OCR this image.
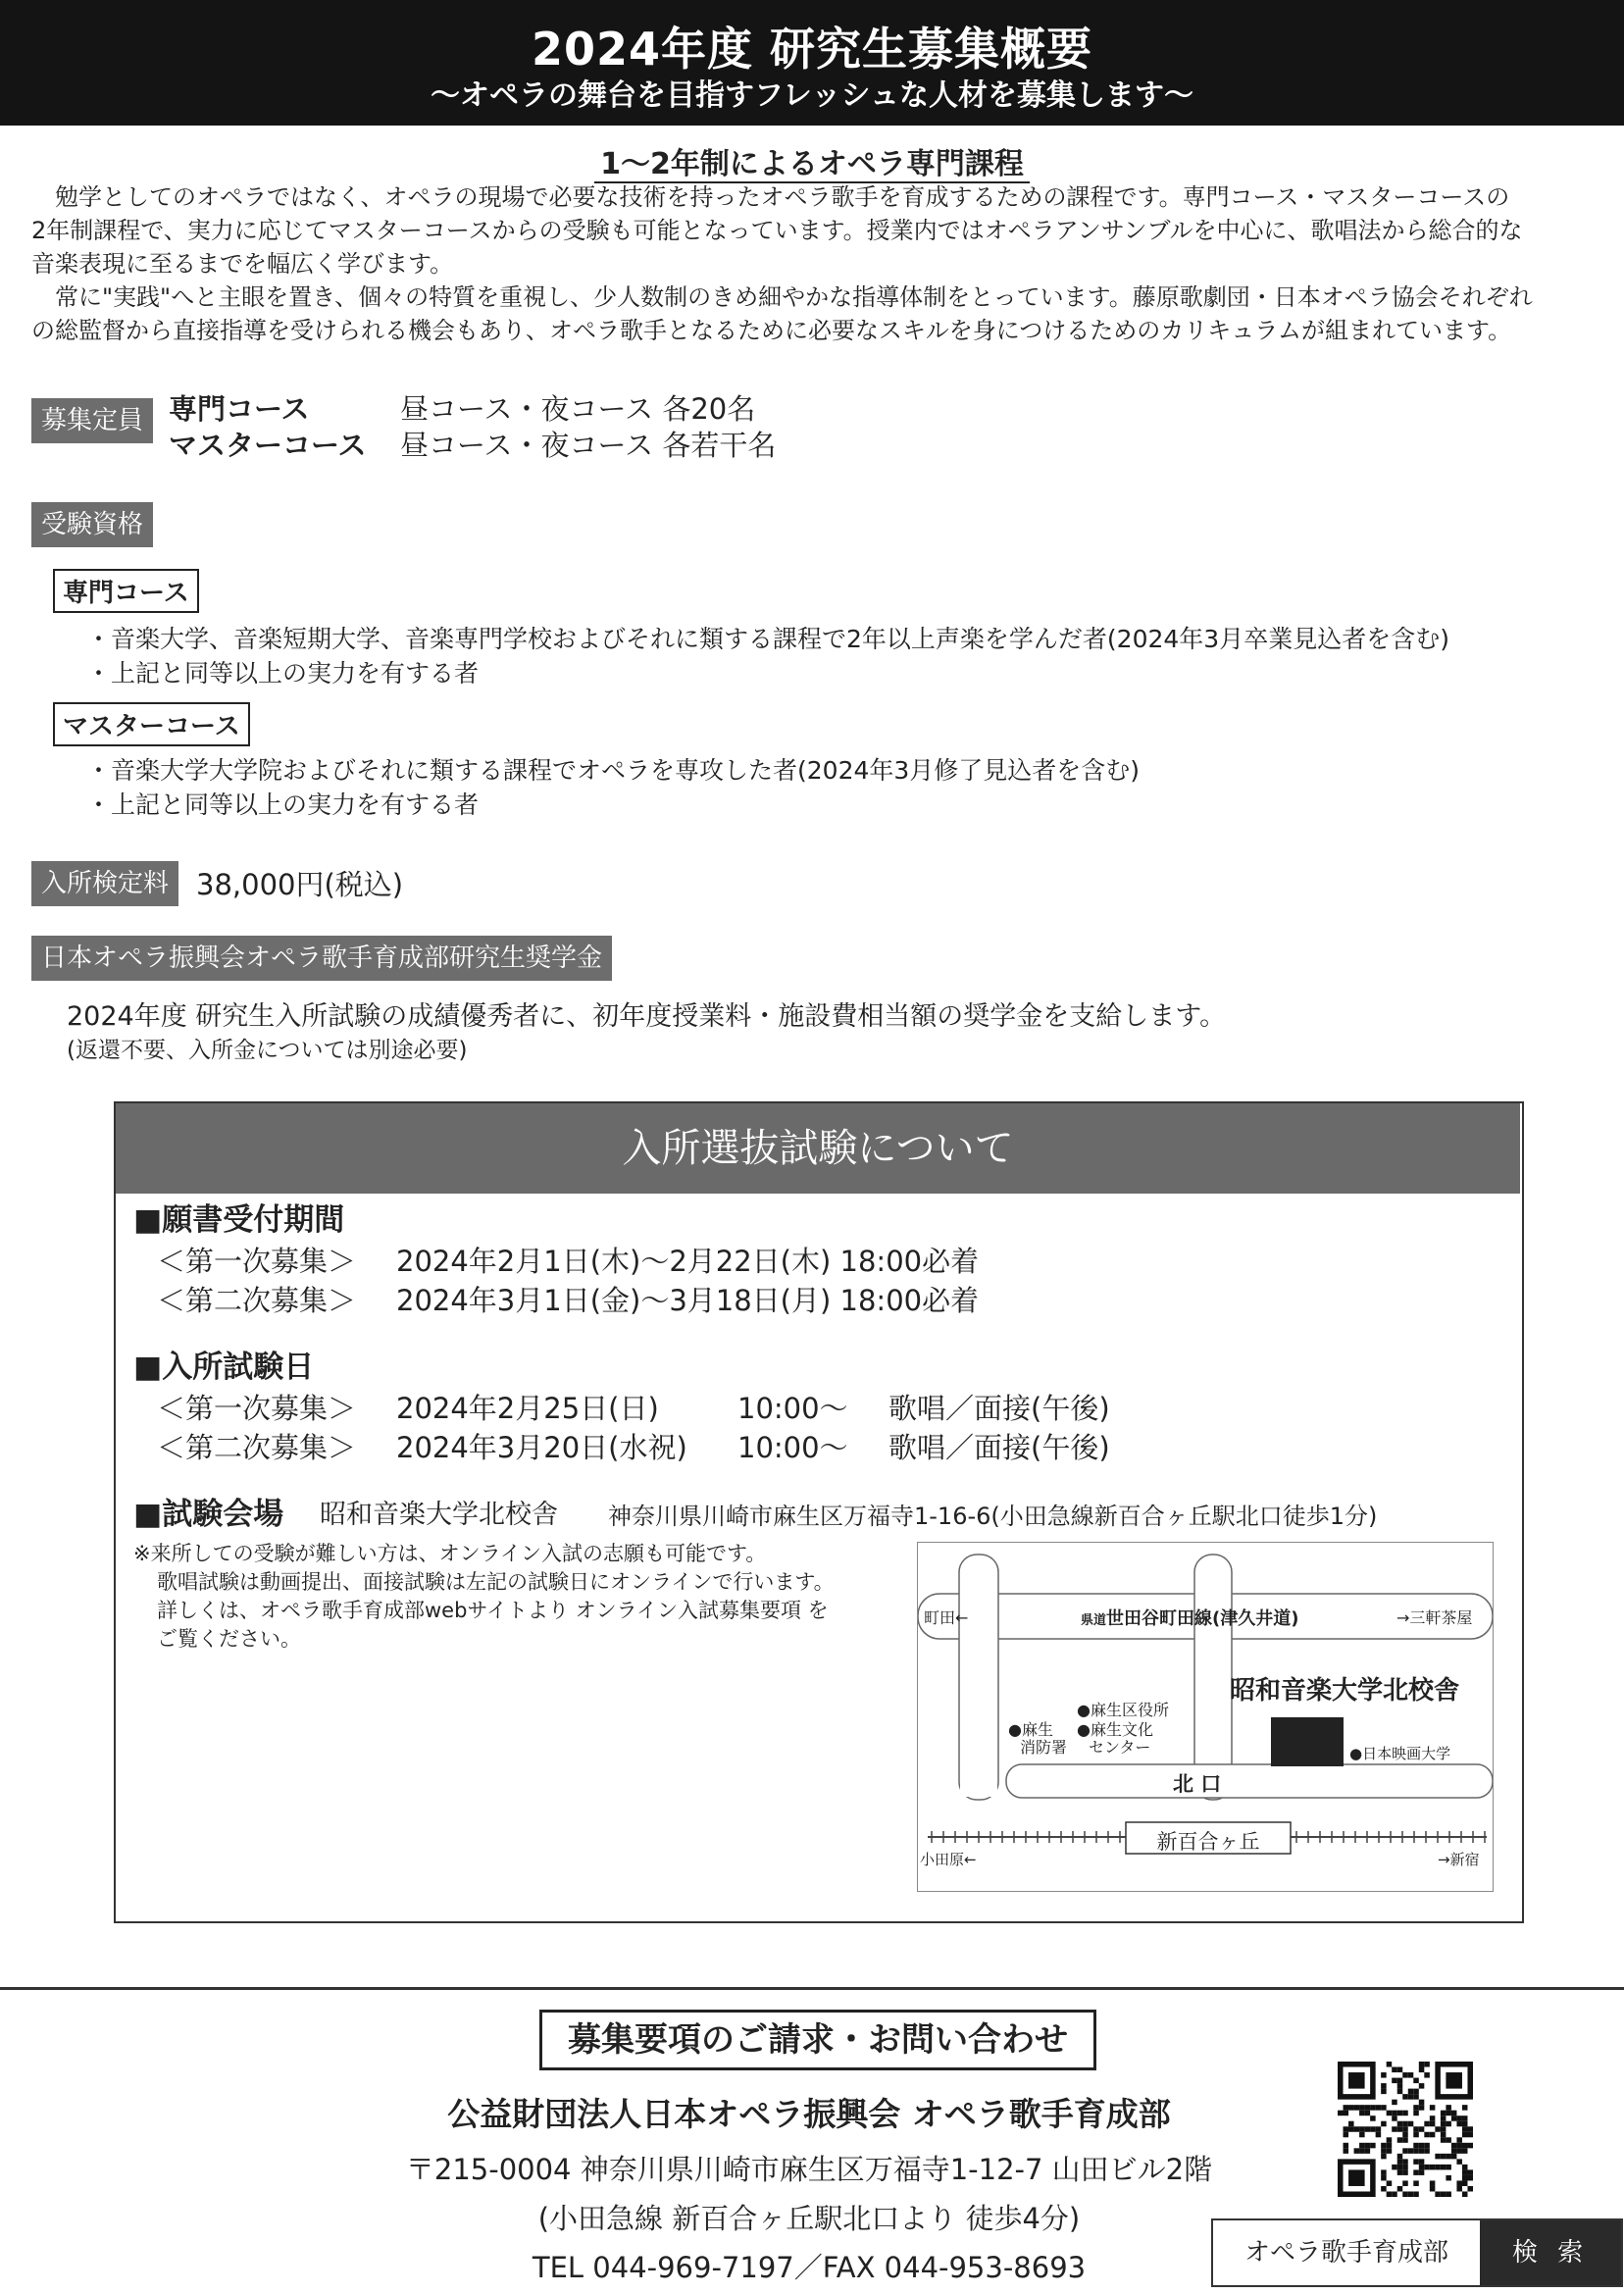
2024年度 研究生募集概要
～オペラの舞台を目指すフレッシュな人材を募集します～
1～2年制によるオペラ専門課程
勉学としてのオペラではなく、オペラの現場で必要な技術を持ったオペラ歌手を育成するための課程です。専門コース・マスターコースの
2年制課程で、実力に応じてマスターコースからの受験も可能となっています。授業内ではオペラアンサンブルを中心に、歌唱法から総合的な
音楽表現に至るまでを幅広く学びます。
常に"実践"へと主眼を置き、個々の特質を重視し、少人数制のきめ細やかな指導体制をとっています。藤原歌劇団・日本オペラ協会それぞれ
の総監督から直接指導を受けられる機会もあり、オペラ歌手となるために必要なスキルを身につけるためのカリキュラムが組まれています。
募集定員 専門コース	昼コース・夜コース 各20名
マスターコース 昼コース・夜コース 各若干名
受験資格
専門コース
・音楽大学、音楽短期大学、音楽専門学校およびそれに類する課程で2年以上声楽を学んだ者(2024年3月卒業見込者を含む)
・上記と同等以上の実力を有する者
マスターコース
・音楽大学大学院およびそれに類する課程でオペラを専攻した者(2024年3月修了見込者を含む)
・上記と同等以上の実力を有する者
入所検定料 38,000円(税込)
日本オペラ振興会オペラ歌手育成部研究生奨学金
2024年度 研究生入所試験の成績優秀者に、初年度授業料・施設費相当額の奨学金を支給します。
(返還不要、入所金については別途必要)
入所選抜試験について
■願書受付期間
＜第一次募集＞ 2024年2月1日(木)～2月22日(木) 18:00必着
＜第二次募集＞ 2024年3月1日(金)～3月18日(月) 18:00必着
■入所試験日
＜第一次募集＞ 2024年2月25日(日)	10:00～ 歌唱／面接(午後)
＜第二次募集＞ 2024年3月20日(水祝) 10:00～ 歌唱／面接(午後)
■試験会場 昭和音楽大学北校舎 神奈川県川崎市麻生区万福寺1-16-6(小田急線新百合ヶ丘駅北口徒歩1分)
※来所しての受験が難しい方は、オンライン入試の志願も可能です。
歌唱試験は動画提出、面接試験は左記の試験日にオンラインで行います。
詳しくは、オペラ歌手育成部webサイトより オンライン入試募集要項 を
ご覧ください。
町田←	県道世田谷町田線(津久井道)	→三軒茶屋
昭和音楽大学北校舎
●麻生区役所
●麻生
消防署
●麻生文化
センター	●日本映画大学
北 口
新百合ヶ丘
小田原←	→新宿
募集要項のご請求・お問い合わせ
公益財団法人日本オペラ振興会 オペラ歌手育成部
〒215-0004 神奈川県川崎市麻生区万福寺1-12-7 山田ビル2階
(小田急線 新百合ヶ丘駅北口より 徒歩4分)
TEL 044-969-7197／FAX 044-953-8693	オペラ歌手育成部	検 索
